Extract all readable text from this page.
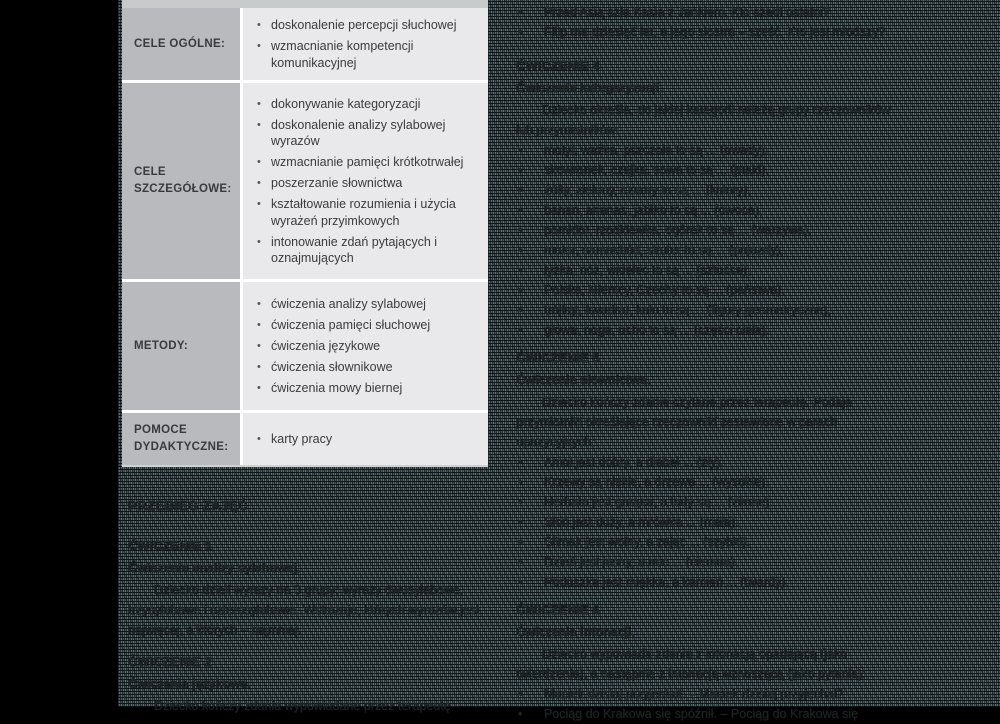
CELE OGÓLNE:
• doskonalenie percepcji słuchowej
• wzmacnianie kompetencji komunikacyjnej
CELE SZCZEGÓŁOWE:
• dokonywanie kategoryzacji
• doskonalenie analizy sylabowej wyrazów
• wzmacnianie pamięci krótkotrwałej
• poszerzanie słownictwa
• kształtowanie rozumienia i użycia wyrażeń przyimkowych
• intonowanie zdań pytających i oznajmujących
METODY:
• ćwiczenia analizy sylabowej
• ćwiczenia pamięci słuchowej
• ćwiczenia językowe
• ćwiczenia słownikowe
• ćwiczenia mowy biernej
POMOCE DYDAKTYCZNE:
• karty pracy
PRZEBIEG ZAJĘĆ
ĆWICZENIE 1
Ćwiczenia analizy sylabowej.

Dziecko dzieli wyrazy na 3 grupy: wyrazy dwusylabowe, trzysylabowe i czterosylabowe. Wskazuje, których wyrazów jest najwięcej, a których – najmniej.

ĆWICZENIE 2
Ćwiczenia językowe.

Dziecko kończy zdania wypowiadane przez terapeutę

•	Przed Asią szła Kasia z Jankiem. Kto szedł ostatni?
•	Filip ma dziesięć lat, a jego siostra – sześć. Kto jest młodszy?
ĆWICZENIE 4
Ćwiczenia kategoryzacji.

Dziecko określa, do jakiej kategorii należą grupy rzeczowników lub przymiotników:

•	motyl, ważka, pszczoła to są ... (owady),
•	skowronek, czajka, sowa to są ... (ptaki),
•	żółty, zielony, czarny to są ... (kolory),
•	banan, ananas, jabłko to są ... (owoce),
•	pomidor, rzodkiewka, ogórek to są ... (warzywa),
•	motor, samochód, skuter to są ... (pojazdy),
•	łyżka, nóż, widelec to są ... (sztućce),
•	Polska, Niemcy, Czechy to są ... (państwa),
•	trójkąt, kwadrat, koło to są ... (figury geometryczne),
•	głowa, noga, ucho to są ... (części ciała).
ĆWICZENIE 5
Ćwiczenie słownictwa.

Dziecko kończy zdanie czytane przez terapeutę. Podaje przymiotniki określające rzeczowniki zestawione w parach opozycyjnych:

•	Anioł jest dobry, a diabeł ... (zły).
•	Krzewy są niskie, a drzewa ... (wysokie).
•	Herbata jest gorąca, a lody są ... (zimne).
•	Słoń jest duży, a mrówka ... (mała).
•	Ślimak jest wolny, a zając ... (szybki).
•	Dzień jest jasny, a noc ... (ciemna).
•	Poduszka jest miękka, a kamień ... (twardy).
ĆWICZENIE 6
Ćwiczenia intonacji.

Dziecko wypowiada zdania z intonacją opadającą (jako twierdzenia), a następnie z intonacją wznoszącą (jako pytania):

•	Maciek dzisiaj przyjechał. – Maciek dzisiaj przyjechał?
•	Pociąg do Krakowa się spóźnił. – Pociąg do Krakowa się
